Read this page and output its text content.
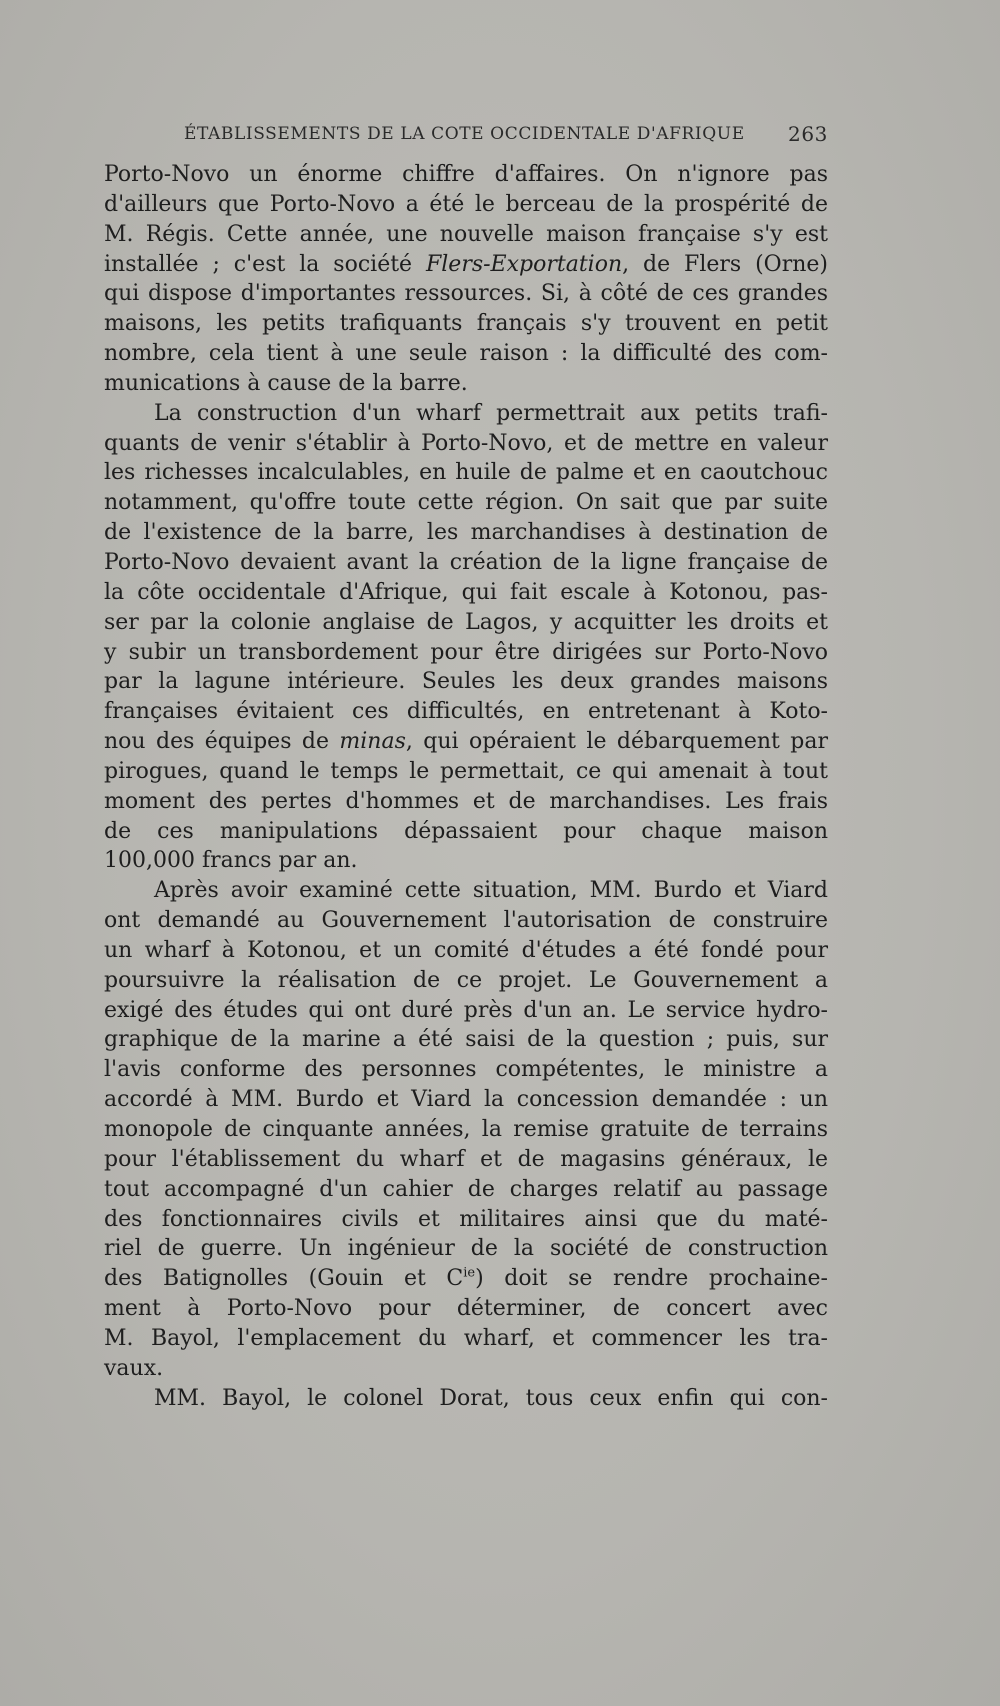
ÉTABLISSEMENTS DE LA COTE OCCIDENTALE D'AFRIQUE 263

Porto-Novo un énorme chiffre d'affaires. On n'ignore pas
d'ailleurs que Porto-Novo a été le berceau de la prospérité de
M. Régis. Cette année, une nouvelle maison française s'y est
installée ; c'est la société Flers-Exportation, de Flers (Orne)
qui dispose d'importantes ressources. Si, à côté de ces grandes
maisons, les petits trafiquants français s'y trouvent en petit
nombre, cela tient à une seule raison : la difficulté des com-
munications à cause de la barre.

La construction d'un wharf permettrait aux petits trafi-
quants de venir s'établir à Porto-Novo, et de mettre en valeur
les richesses incalculables, en huile de palme et en caoutchouc
notamment, qu'offre toute cette région. On sait que par suite
de l'existence de la barre, les marchandises à destination de
Porto-Novo devaient avant la création de la ligne française de
la côte occidentale d'Afrique, qui fait escale à Kotonou, pas-
ser par la colonie anglaise de Lagos, y acquitter les droits et
y subir un transbordement pour être dirigées sur Porto-Novo
par la lagune intérieure. Seules les deux grandes maisons
françaises évitaient ces difficultés, en entretenant à Koto-
nou des équipes de minas, qui opéraient le débarquement par
pirogues, quand le temps le permettait, ce qui amenait à tout
moment des pertes d'hommes et de marchandises. Les frais
de ces manipulations dépassaient pour chaque maison
100,000 francs par an.

Après avoir examiné cette situation, MM. Burdo et Viard
ont demandé au Gouvernement l'autorisation de construire
un wharf à Kotonou, et un comité d'études a été fondé pour
poursuivre la réalisation de ce projet. Le Gouvernement a
exigé des études qui ont duré près d'un an. Le service hydro-
graphique de la marine a été saisi de la question ; puis, sur
l'avis conforme des personnes compétentes, le ministre a
accordé à MM. Burdo et Viard la concession demandée : un
monopole de cinquante années, la remise gratuite de terrains
pour l'établissement du wharf et de magasins généraux, le
tout accompagné d'un cahier de charges relatif au passage
des fonctionnaires civils et militaires ainsi que du maté-
riel de guerre. Un ingénieur de la société de construction
des Batignolles (Gouin et $C^{ie}$) doit se rendre prochaine-
ment à Porto-Novo pour déterminer, de concert avec
M. Bayol, l'emplacement du wharf, et commencer les tra-
vaux.

MM. Bayol, le colonel Dorat, tous ceux enfin qui con-
